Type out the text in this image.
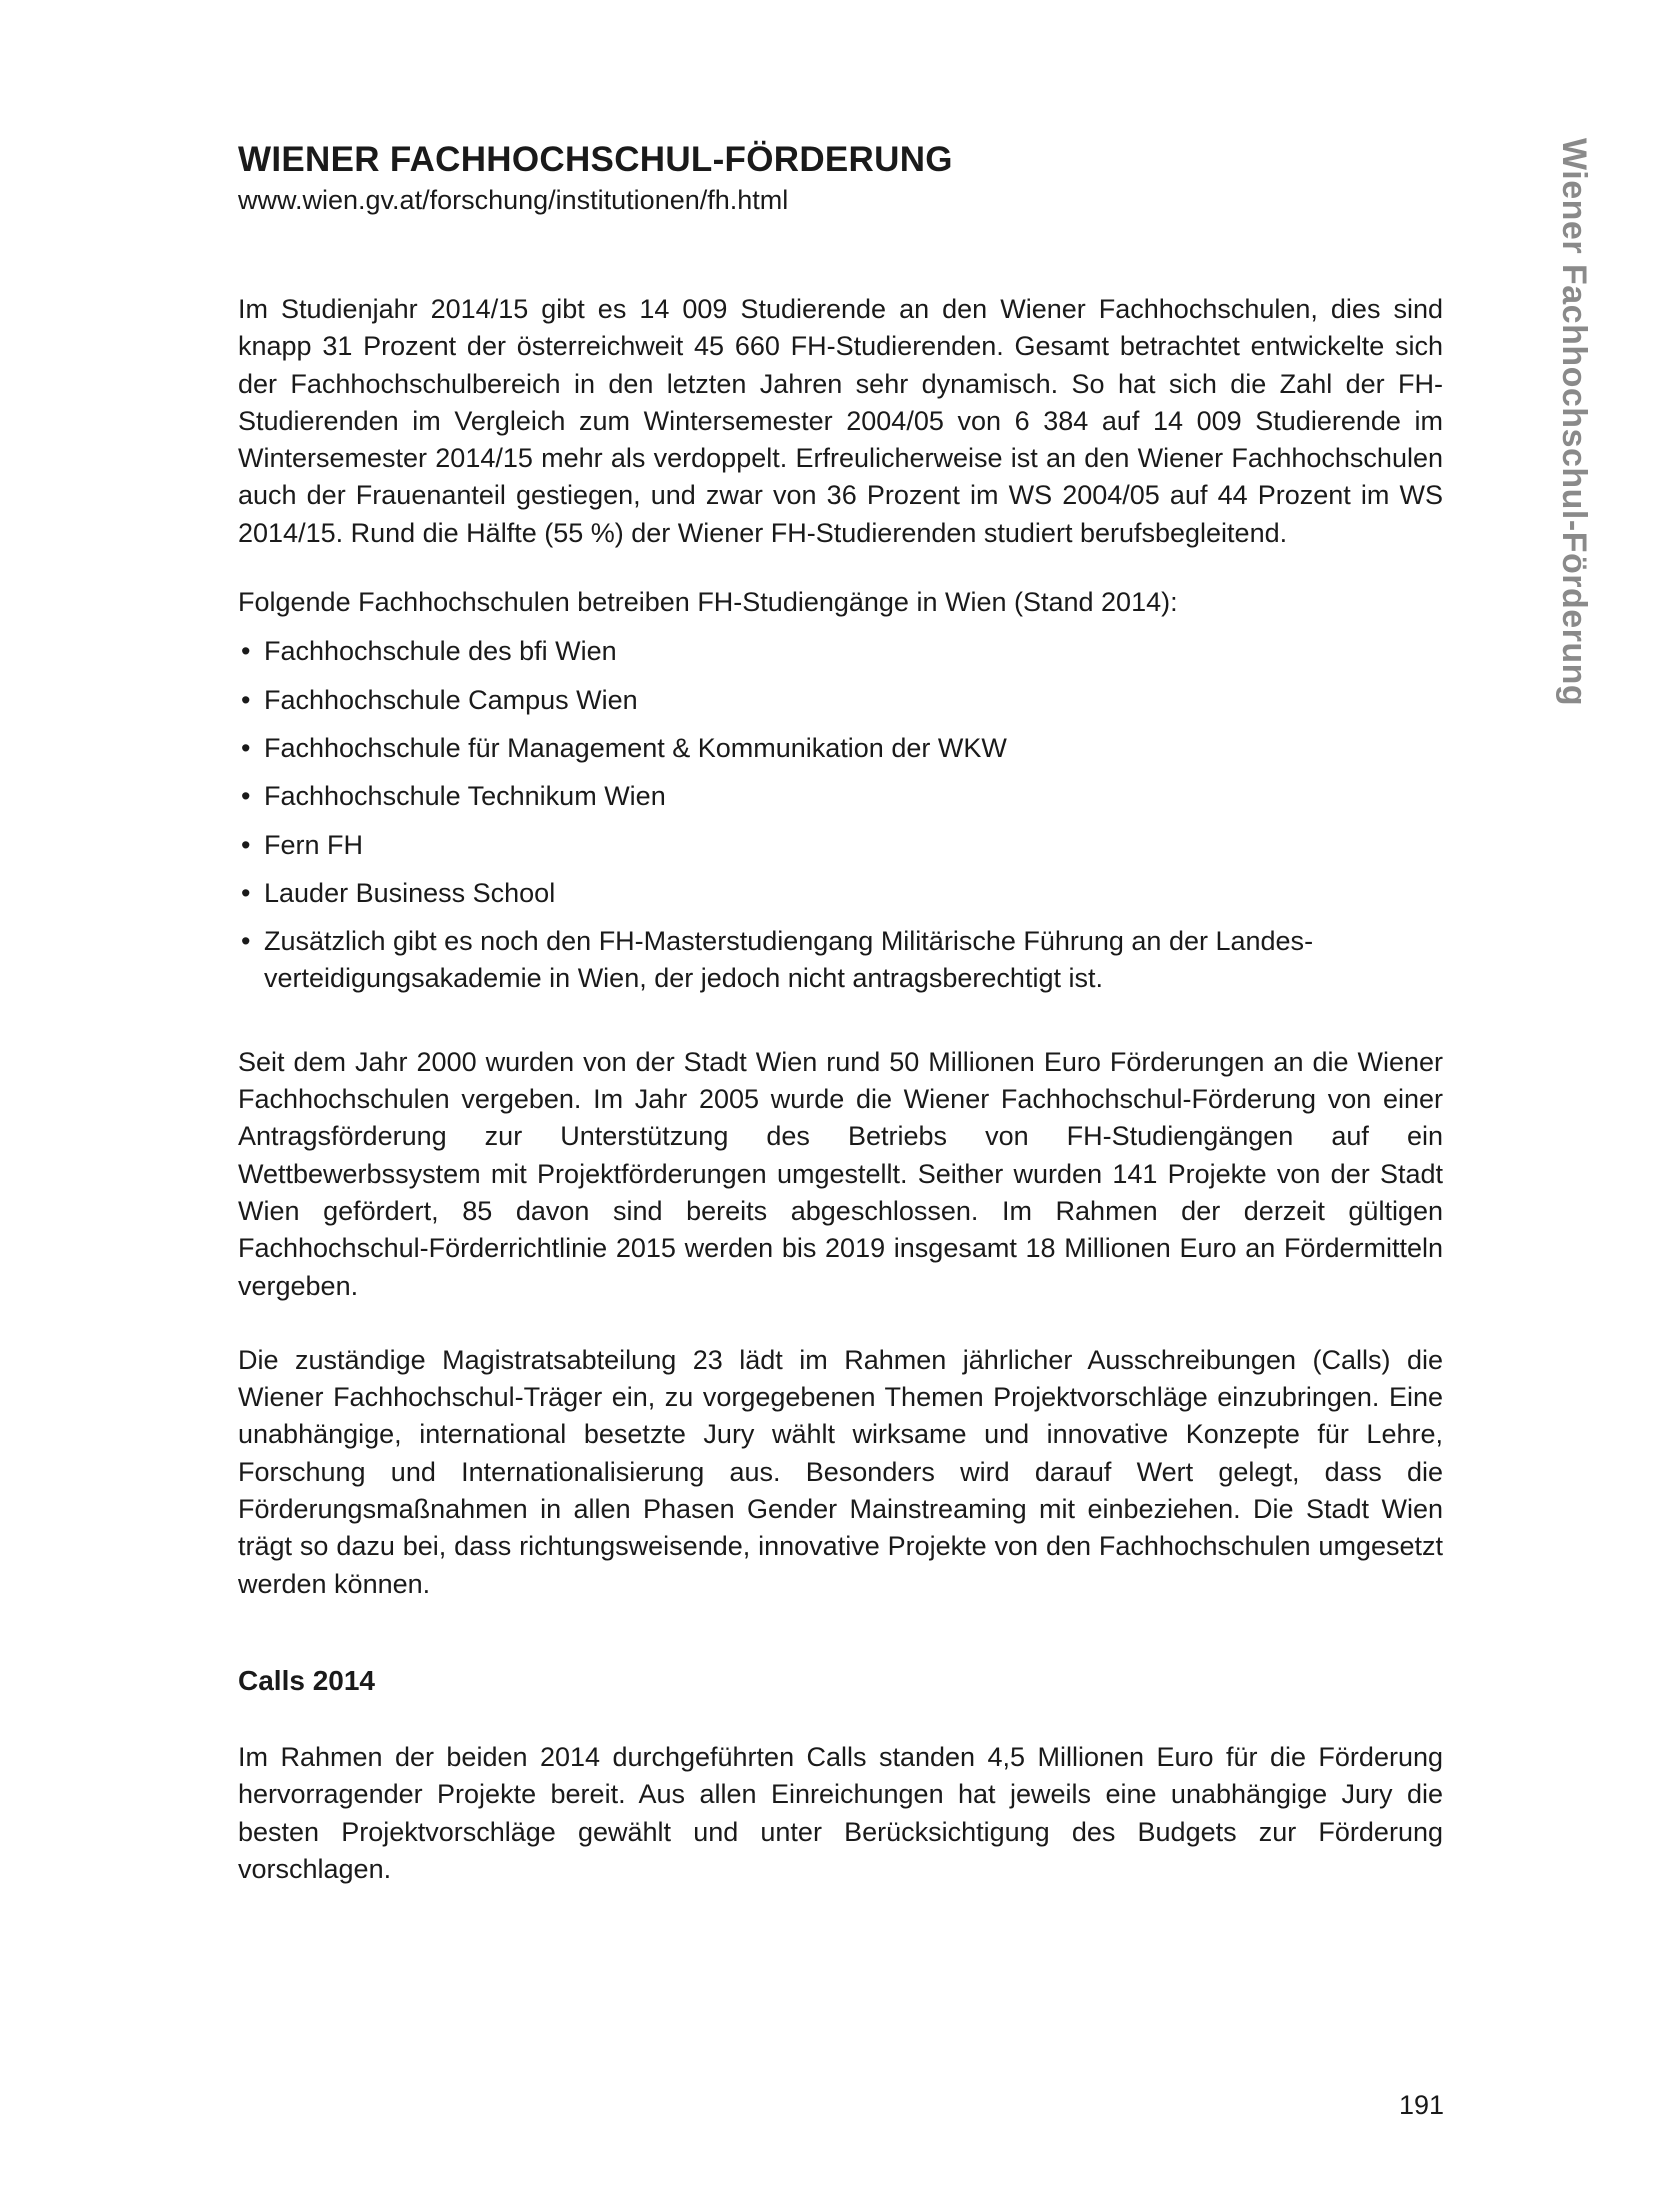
WIENER FACHHOCHSCHUL-FÖRDERUNG

www.wien.gv.at/forschung/institutionen/fh.html

Im Studienjahr 2014/15 gibt es 14 009 Studierende an den Wiener Fachhochschulen, dies sind knapp 31 Prozent der österreichweit 45 660 FH-Studierenden. Gesamt betrachtet entwickelte sich der Fachhochschulbereich in den letzten Jahren sehr dynamisch. So hat sich die Zahl der FH-Studierenden im Vergleich zum Wintersemester 2004/05 von 6 384 auf 14 009 Studierende im Wintersemester 2014/15 mehr als verdoppelt. Erfreulicherweise ist an den Wiener Fachhochschulen auch der Frauenanteil gestiegen, und zwar von 36 Prozent im WS 2004/05 auf 44 Prozent im WS 2014/15. Rund die Hälfte (55 %) der Wiener FH-Studierenden studiert berufsbegleitend.

Folgende Fachhochschulen betreiben FH-Studiengänge in Wien (Stand 2014):

• Fachhochschule des bfi Wien
• Fachhochschule Campus Wien
• Fachhochschule für Management & Kommunikation der WKW
• Fachhochschule Technikum Wien
• Fern FH
• Lauder Business School
• Zusätzlich gibt es noch den FH-Masterstudiengang Militärische Führung an der Landesverteidigungsakademie in Wien, der jedoch nicht antragsberechtigt ist.

Seit dem Jahr 2000 wurden von der Stadt Wien rund 50 Millionen Euro Förderungen an die Wiener Fachhochschulen vergeben. Im Jahr 2005 wurde die Wiener Fachhochschul-Förderung von einer Antragsförderung zur Unterstützung des Betriebs von FH-Studiengängen auf ein Wettbewerbssystem mit Projektförderungen umgestellt. Seither wurden 141 Projekte von der Stadt Wien gefördert, 85 davon sind bereits abgeschlossen. Im Rahmen der derzeit gültigen Fachhochschul-Förderrichtlinie 2015 werden bis 2019 insgesamt 18 Millionen Euro an Fördermitteln vergeben.

Die zuständige Magistratsabteilung 23 lädt im Rahmen jährlicher Ausschreibungen (Calls) die Wiener Fachhochschul-Träger ein, zu vorgegebenen Themen Projektvorschläge einzubringen. Eine unabhängige, international besetzte Jury wählt wirksame und innovative Konzepte für Lehre, Forschung und Internationalisierung aus. Besonders wird darauf Wert gelegt, dass die Förderungsmaßnahmen in allen Phasen Gender Mainstreaming mit einbeziehen. Die Stadt Wien trägt so dazu bei, dass richtungsweisende, innovative Projekte von den Fachhochschulen umgesetzt werden können.

Calls 2014

Im Rahmen der beiden 2014 durchgeführten Calls standen 4,5 Millionen Euro für die Förderung hervorragender Projekte bereit. Aus allen Einreichungen hat jeweils eine unabhängige Jury die besten Projektvorschläge gewählt und unter Berücksichtigung des Budgets zur Förderung vorschlagen.

Wiener Fachhochschul-Förderung
191
